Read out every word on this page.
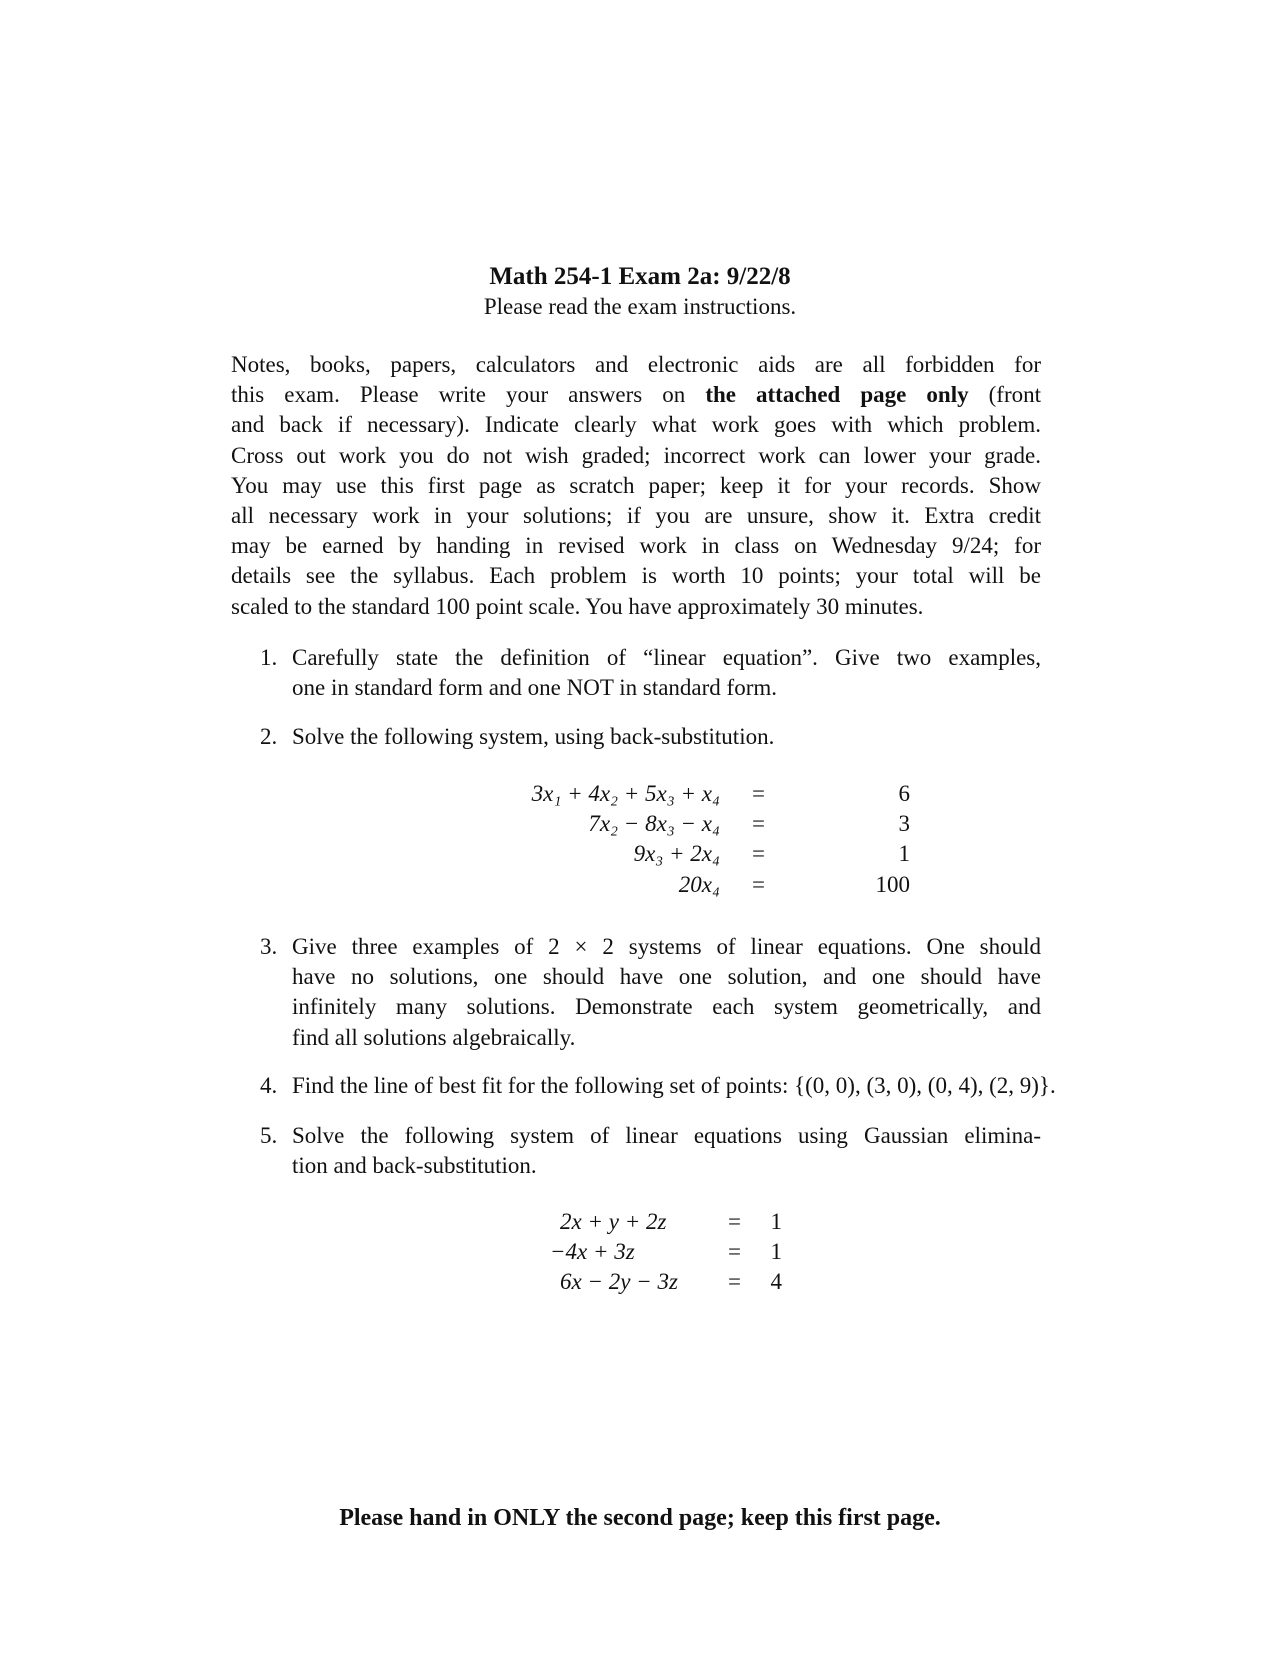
Math 254-1 Exam 2a: 9/22/8
Please read the exam instructions.
Notes, books, papers, calculators and electronic aids are all forbidden for
this exam. Please write your answers on the attached page only (front
and back if necessary). Indicate clearly what work goes with which problem.
Cross out work you do not wish graded; incorrect work can lower your grade.
You may use this first page as scratch paper; keep it for your records. Show
all necessary work in your solutions; if you are unsure, show it. Extra credit
may be earned by handing in revised work in class on Wednesday 9/24; for
details see the syllabus. Each problem is worth 10 points; your total will be
scaled to the standard 100 point scale. You have approximately 30 minutes.
1. Carefully state the definition of “linear equation”. Give two examples,
one in standard form and one NOT in standard form.
2. Solve the following system, using back-substitution.
3x₁ + 4x₂ + 5x₃ + x₄ =	6
7x₂ − 8x₃ − x₄ =	3
9x₃ + 2x₄ =	1
20x₄ =	100
3. Give three examples of 2 × 2 systems of linear equations. One should
have no solutions, one should have one solution, and one should have
infinitely many solutions. Demonstrate each system geometrically, and
find all solutions algebraically.
4. Find the line of best fit for the following set of points: {(0, 0), (3, 0), (0, 4), (2, 9)}.
5. Solve the following system of linear equations using Gaussian elimina-
tion and back-substitution.
2x + y + 2z	=	1
−4x + 3z	=	1
6x − 2y − 3z =	4
Please hand in ONLY the second page; keep this first page.
